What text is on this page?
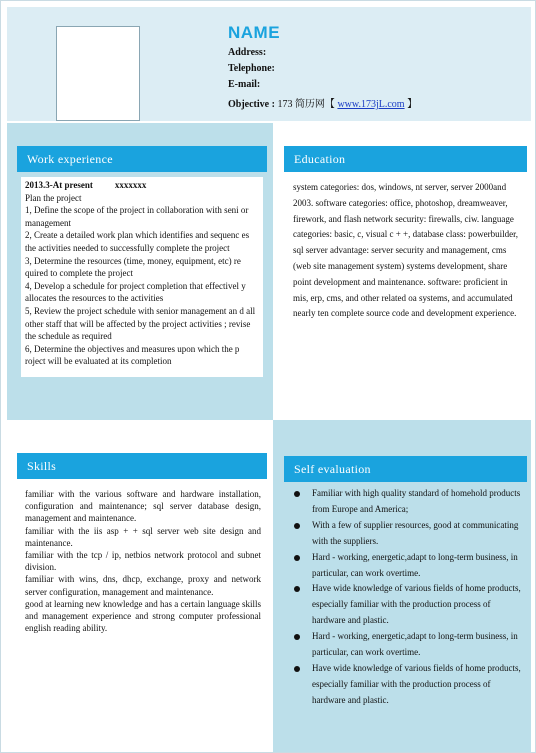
NAME
Address:
Telephone:
E-mail:
Objective : 173 简历网【 www.173jL.com 】
Work experience	Education
Skills	Self evaluation
2013.3-At present xxxxxxx
Plan the project
1, Define the scope of the project in collaboration with seni or management
2, Create a detailed work plan which identifies and sequenc es the activities needed to successfully complete the project
3, Determine the resources (time, money, equipment, etc) re quired to complete the project
4, Develop a schedule for project completion that effectivel y allocates the resources to the activities
5, Review the project schedule with senior management an d all other staff that will be affected by the project activities ; revise the schedule as required
6, Determine the objectives and measures upon which the p roject will be evaluated at its completion
system categories: dos, windows, nt server, server 2000and 2003. software categories: office, photoshop, dreamweaver, firework, and flash network security: firewalls, ciw. language categories: basic, c, visual c + +, database class: powerbuilder, sql server advantage: server security and management, cms (web site management system) systems development, share point development and maintenance. software: proficient in mis, erp, cms, and other related oa systems, and accumulated nearly ten complete source code and development experience.
familiar with the various software and hardware installation, configuration and maintenance; sql server database design, management and maintenance.
familiar with the iis asp + + sql server web site design and maintenance.
familiar with the tcp / ip, netbios network protocol and subnet division.
familiar with wins, dns, dhcp, exchange, proxy and network server configuration, management and maintenance.
good at learning new knowledge and has a certain language skills and management experience and strong computer professional english reading ability.
Familiar with high quality standard of homehold products from Europe and America;
With a few of supplier resources, good at communicating with the suppliers.
Hard - working, energetic,adapt to long-term business, in particular, can work overtime.
Have wide knowledge of various fields of home products, especially familiar with the production process of hardware and plastic.
Hard - working, energetic,adapt to long-term business, in particular, can work overtime.
Have wide knowledge of various fields of home products, especially familiar with the production process of hardware and plastic.
